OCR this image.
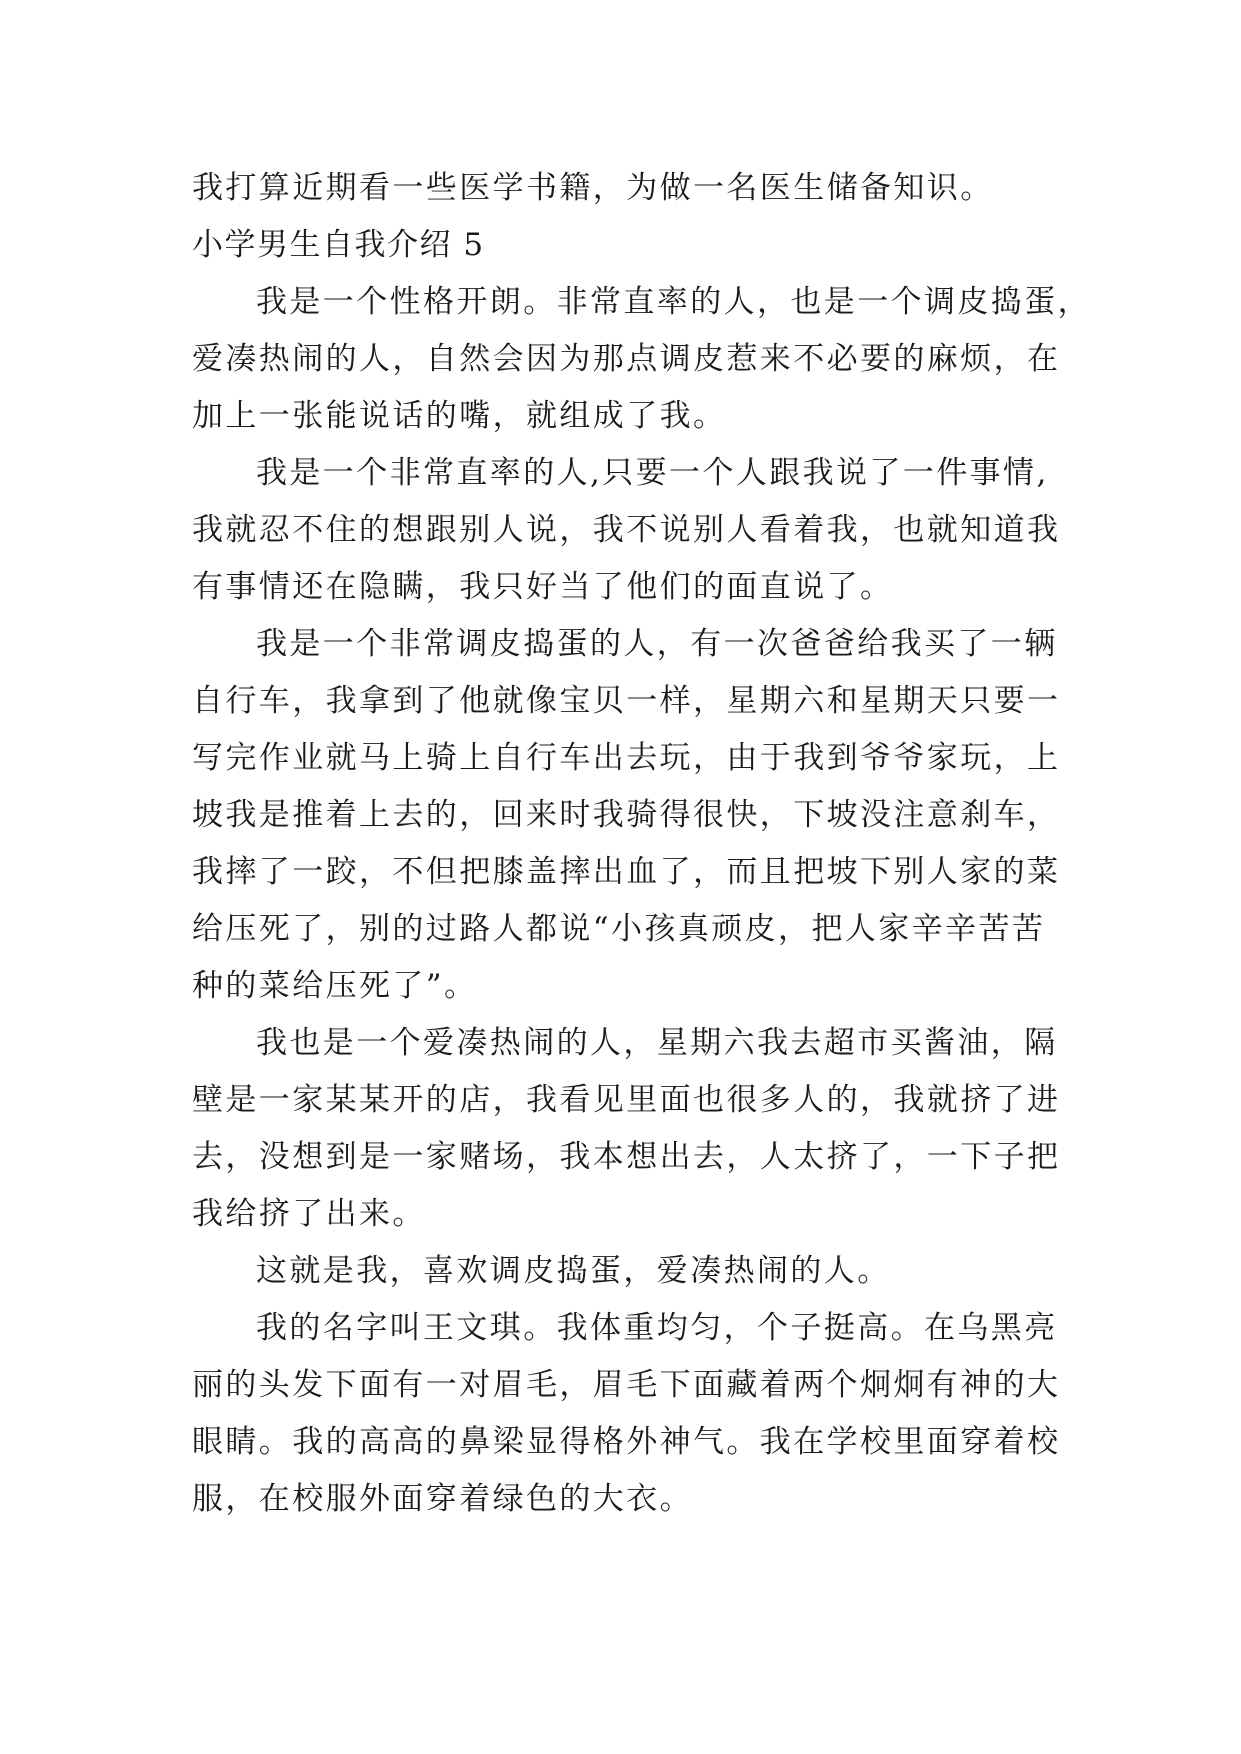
我打算近期看一些医学书籍，为做一名医生储备知识。
小学男生自我介绍 5
我是一个性格开朗。非常直率的人，也是一个调皮捣蛋，
爱凑热闹的人，自然会因为那点调皮惹来不必要的麻烦，在
加上一张能说话的嘴，就组成了我。
我是一个非常直率的人,只要一个人跟我说了一件事情,
我就忍不住的想跟别人说，我不说别人看着我，也就知道我
有事情还在隐瞒，我只好当了他们的面直说了。
我是一个非常调皮捣蛋的人，有一次爸爸给我买了一辆
自行车，我拿到了他就像宝贝一样，星期六和星期天只要一
写完作业就马上骑上自行车出去玩，由于我到爷爷家玩，上
坡我是推着上去的，回来时我骑得很快，下坡没注意刹车，
我摔了一跤，不但把膝盖摔出血了，而且把坡下别人家的菜
给压死了，别的过路人都说“小孩真顽皮，把人家辛辛苦苦
种的菜给压死了”。
我也是一个爱凑热闹的人，星期六我去超市买酱油，隔
壁是一家某某开的店，我看见里面也很多人的，我就挤了进
去，没想到是一家赌场，我本想出去，人太挤了，一下子把
我给挤了出来。
这就是我，喜欢调皮捣蛋，爱凑热闹的人。
我的名字叫王文琪。我体重均匀，个子挺高。在乌黑亮
丽的头发下面有一对眉毛，眉毛下面藏着两个炯炯有神的大
眼睛。我的高高的鼻梁显得格外神气。我在学校里面穿着校
服，在校服外面穿着绿色的大衣。
